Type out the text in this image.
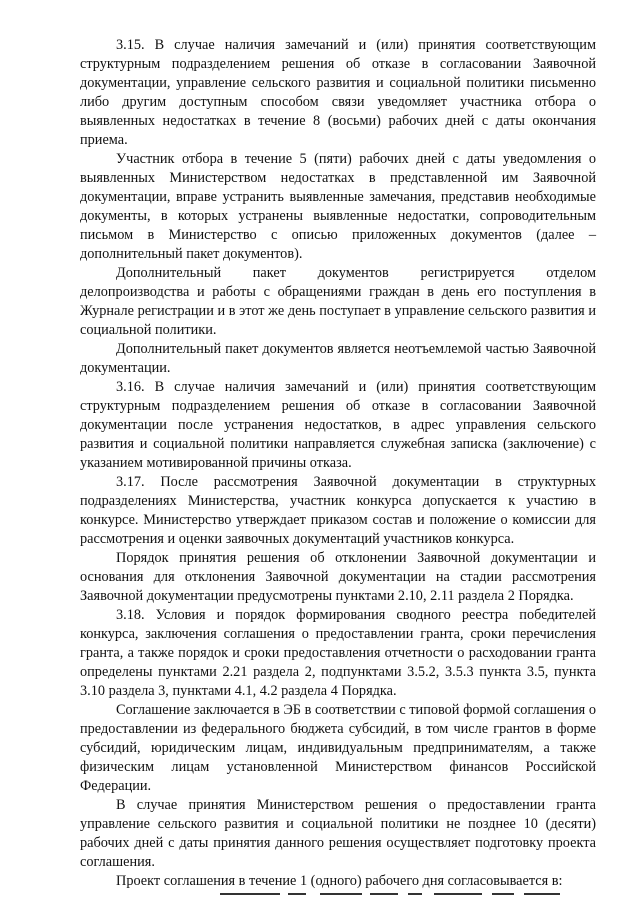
3.15. В случае наличия замечаний и (или) принятия соответствующим структурным подразделением решения об отказе в согласовании Заявочной документации, управление сельского развития и социальной политики письменно либо другим доступным способом связи уведомляет участника отбора о выявленных недостатках в течение 8 (восьми) рабочих дней с даты окончания приема.

Участник отбора в течение 5 (пяти) рабочих дней с даты уведомления о выявленных Министерством недостатках в представленной им Заявочной документации, вправе устранить выявленные замечания, представив необходимые документы, в которых устранены выявленные недостатки, сопроводительным письмом в Министерство с описью приложенных документов (далее – дополнительный пакет документов).

Дополнительный пакет документов регистрируется отделом делопроизводства и работы с обращениями граждан в день его поступления в Журнале регистрации и в этот же день поступает в управление сельского развития и социальной политики.

Дополнительный пакет документов является неотъемлемой частью Заявочной документации.

3.16. В случае наличия замечаний и (или) принятия соответствующим структурным подразделением решения об отказе в согласовании Заявочной документации после устранения недостатков, в адрес управления сельского развития и социальной политики направляется служебная записка (заключение) с указанием мотивированной причины отказа.

3.17. После рассмотрения Заявочной документации в структурных подразделениях Министерства, участник конкурса допускается к участию в конкурсе. Министерство утверждает приказом состав и положение о комиссии для рассмотрения и оценки заявочных документаций участников конкурса.

Порядок принятия решения об отклонении Заявочной документации и основания для отклонения Заявочной документации на стадии рассмотрения Заявочной документации предусмотрены пунктами 2.10, 2.11 раздела 2 Порядка.

3.18. Условия и порядок формирования сводного реестра победителей конкурса, заключения соглашения о предоставлении гранта, сроки перечисления гранта, а также порядок и сроки предоставления отчетности о расходовании гранта определены пунктами 2.21 раздела 2, подпунктами 3.5.2, 3.5.3 пункта 3.5, пункта 3.10 раздела 3, пунктами 4.1, 4.2 раздела 4 Порядка.

Соглашение заключается в ЭБ в соответствии с типовой формой соглашения о предоставлении из федерального бюджета субсидий, в том числе грантов в форме субсидий, юридическим лицам, индивидуальным предпринимателям, а также физическим лицам установленной Министерством финансов Российской Федерации.

В случае принятия Министерством решения о предоставлении гранта управление сельского развития и социальной политики не позднее 10 (десяти) рабочих дней с даты принятия данного решения осуществляет подготовку проекта соглашения.

Проект соглашения в течение 1 (одного) рабочего дня согласовывается в:
